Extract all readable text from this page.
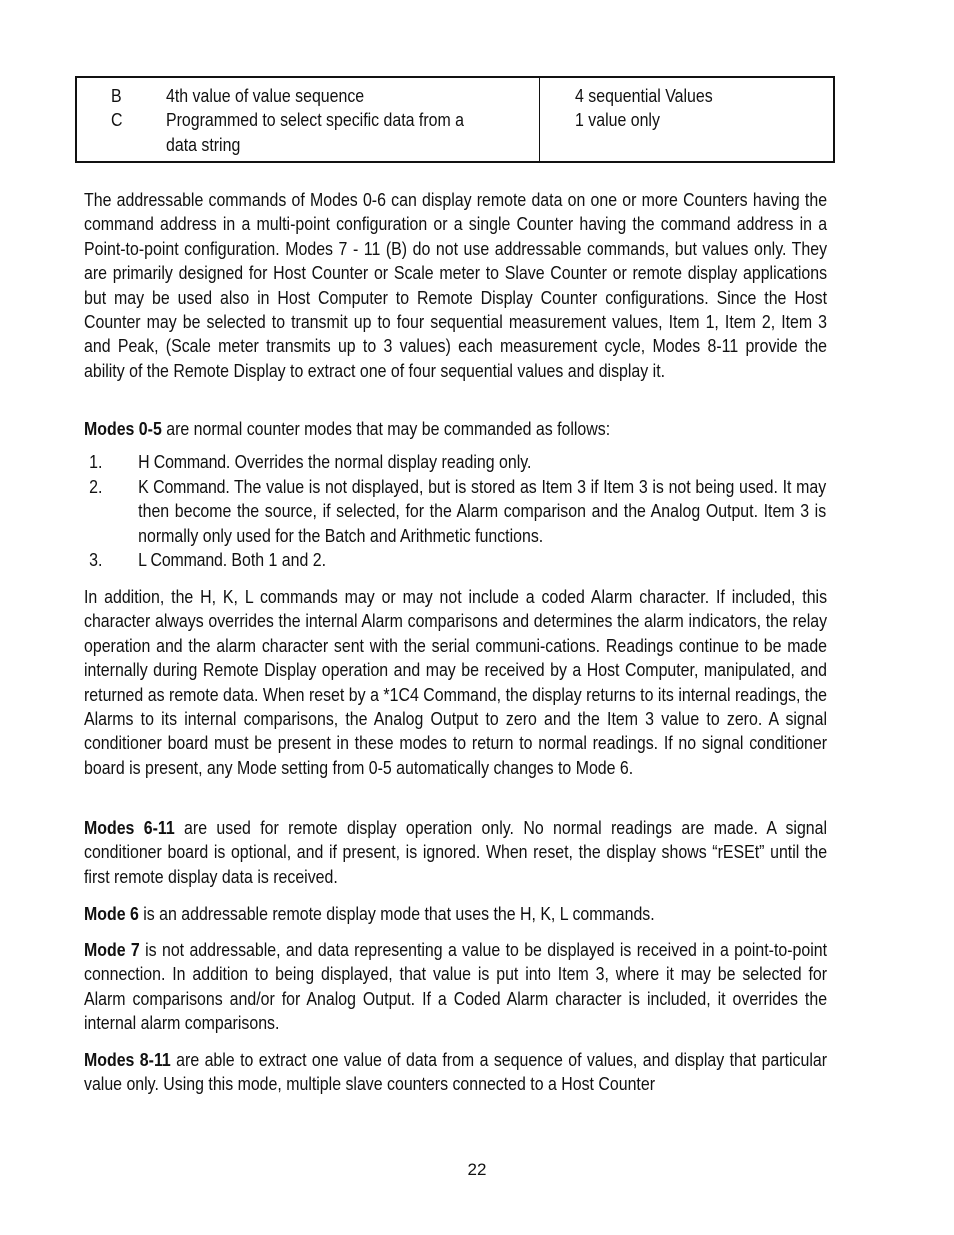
B
C
4th value of value sequence
Programmed to select specific data from a data string
4 sequential Values
1 value only
The addressable commands of Modes 0-6 can display remote data on one or more Counters having the command address in a multi-point configuration or a single Counter having the command address in a Point-to-point configuration. Modes 7 - 11 (B) do not use addressable commands, but values only. They are primarily designed for Host Counter or Scale meter to Slave Counter or remote display applications but may be used also in Host Computer to Remote Display Counter configurations. Since the Host Counter may be selected to transmit up to four sequential measurement values, Item 1, Item 2, Item 3 and Peak, (Scale meter transmits up to 3 values) each measurement cycle, Modes 8-11 provide the ability of the Remote Display to extract one of four sequential values and display it.
Modes 0-5 are normal counter modes that may be commanded as follows:
1. H Command. Overrides the normal display reading only.
2. K Command. The value is not displayed, but is stored as Item 3 if Item 3 is not being used. It may then become the source, if selected, for the Alarm comparison and the Analog Output. Item 3 is normally only used for the Batch and Arithmetic functions.
3. L Command. Both 1 and 2.
In addition, the H, K, L commands may or may not include a coded Alarm character. If included, this character always overrides the internal Alarm comparisons and determines the alarm indicators, the relay operation and the alarm character sent with the serial communi-cations. Readings continue to be made internally during Remote Display operation and may be received by a Host Computer, manipulated, and returned as remote data. When reset by a *1C4 Command, the display returns to its internal readings, the Alarms to its internal comparisons, the Analog Output to zero and the Item 3 value to zero. A signal conditioner board must be present in these modes to return to normal readings. If no signal conditioner board is present, any Mode setting from 0-5 automatically changes to Mode 6.
Modes 6-11 are used for remote display operation only. No normal readings are made. A signal conditioner board is optional, and if present, is ignored. When reset, the display shows “rESEt” until the first remote display data is received.
Mode 6 is an addressable remote display mode that uses the H, K, L commands.
Mode 7 is not addressable, and data representing a value to be displayed is received in a point-to-point connection. In addition to being displayed, that value is put into Item 3, where it may be selected for Alarm comparisons and/or for Analog Output. If a Coded Alarm character is included, it overrides the internal alarm comparisons.
Modes 8-11 are able to extract one value of data from a sequence of values, and display that particular value only. Using this mode, multiple slave counters connected to a Host Counter
22
